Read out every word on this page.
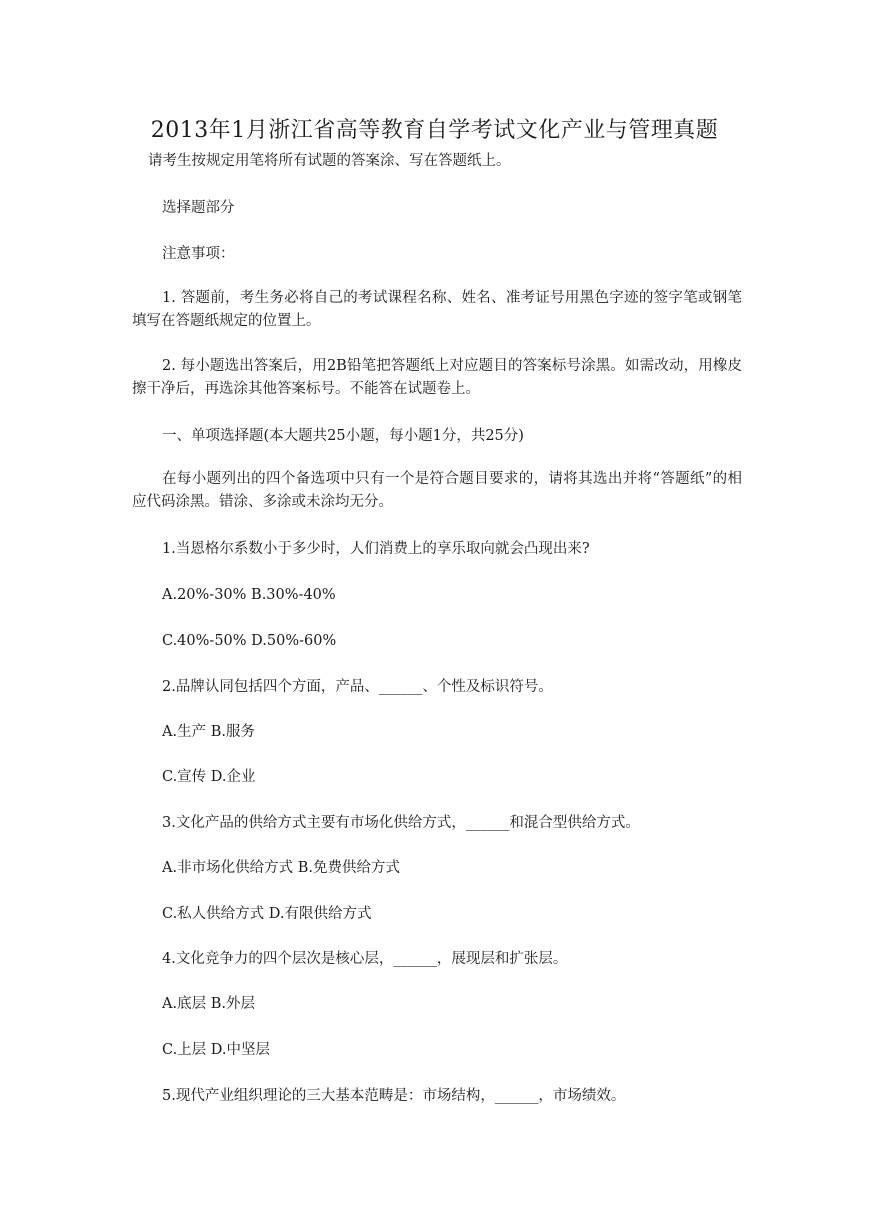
2013年1月浙江省高等教育自学考试文化产业与管理真题
请考生按规定用笔将所有试题的答案涂、写在答题纸上。
选择题部分
注意事项：
1. 答题前，考生务必将自己的考试课程名称、姓名、准考证号用黑色字迹的签字笔或钢笔填写在答题纸规定的位置上。
2. 每小题选出答案后，用2B铅笔把答题纸上对应题目的答案标号涂黑。如需改动，用橡皮擦干净后，再选涂其他答案标号。不能答在试题卷上。
一、单项选择题(本大题共25小题，每小题1分，共25分)
在每小题列出的四个备选项中只有一个是符合题目要求的，请将其选出并将“答题纸”的相应代码涂黑。错涂、多涂或未涂均无分。
1.当恩格尔系数小于多少时，人们消费上的享乐取向就会凸现出来?
A.20%-30% B.30%-40%
C.40%-50% D.50%-60%
2.品牌认同包括四个方面，产品、______、个性及标识符号。
A.生产 B.服务
C.宣传 D.企业
3.文化产品的供给方式主要有市场化供给方式，______和混合型供给方式。
A.非市场化供给方式 B.免费供给方式
C.私人供给方式 D.有限供给方式
4.文化竞争力的四个层次是核心层，______，展现层和扩张层。
A.底层 B.外层
C.上层 D.中坚层
5.现代产业组织理论的三大基本范畴是：市场结构，______，市场绩效。
